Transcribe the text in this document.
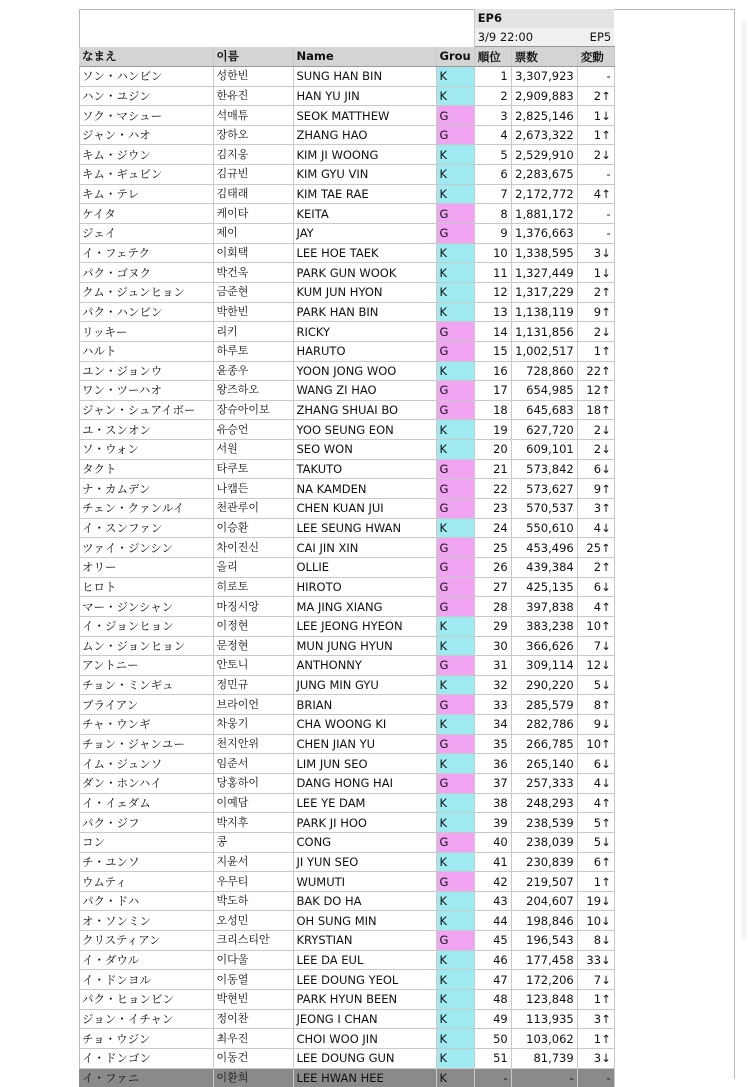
				EP6		
				3/9 22:00		EP5
なまえ	이름	Name	Grou	順位	票数	変動
ソン・ハンビン	성한빈	SUNG HAN BIN	K	1	3,307,923	-
ハン・ユジン	한유진	HAN YU JIN	K	2	2,909,883	2↑
ソク・マシュー	석매튜	SEOK MATTHEW	G	3	2,825,146	1↓
ジャン・ハオ	장하오	ZHANG HAO	G	4	2,673,322	1↑
キム・ジウン	김지웅	KIM JI WOONG	K	5	2,529,910	2↓
キム・ギュビン	김규빈	KIM GYU VIN	K	6	2,283,675	-
キム・テレ	김태래	KIM TAE RAE	K	7	2,172,772	4↑
ケイタ	케이타	KEITA	G	8	1,881,172	-
ジェイ	제이	JAY	G	9	1,376,663	-
イ・フェテク	이회택	LEE HOE TAEK	K	10	1,338,595	3↓
パク・ゴヌク	박건욱	PARK GUN WOOK	K	11	1,327,449	1↓
クム・ジュンヒョン	금준현	KUM JUN HYON	K	12	1,317,229	2↑
パク・ハンビン	박한빈	PARK HAN BIN	K	13	1,138,119	9↑
リッキー	리키	RICKY	G	14	1,131,856	2↓
ハルト	하루토	HARUTO	G	15	1,002,517	1↑
ユン・ジョンウ	윤종우	YOON JONG WOO	K	16	728,860	22↑
ワン・ツーハオ	왕즈하오	WANG ZI HAO	G	17	654,985	12↑
ジャン・シュアイボー	장슈아이보	ZHANG SHUAI BO	G	18	645,683	18↑
ユ・スンオン	유승언	YOO SEUNG EON	K	19	627,720	2↓
ソ・ウォン	서원	SEO WON	K	20	609,101	2↓
タクト	타쿠토	TAKUTO	G	21	573,842	6↓
ナ・カムデン	나캠든	NA KAMDEN	G	22	573,627	9↑
チェン・クァンルイ	천관루이	CHEN KUAN JUI	G	23	570,537	3↑
イ・スンファン	이승환	LEE SEUNG HWAN	K	24	550,610	4↓
ツァイ・ジンシン	차이진신	CAI JIN XIN	G	25	453,496	25↑
オリー	올리	OLLIE	G	26	439,384	2↑
ヒロト	히로토	HIROTO	G	27	425,135	6↓
マー・ジンシャン	마징시앙	MA JING XIANG	G	28	397,838	4↑
イ・ジョンヒョン	이정현	LEE JEONG HYEON	K	29	383,238	10↑
ムン・ジョンヒョン	문정현	MUN JUNG HYUN	K	30	366,626	7↓
アントニー	안토니	ANTHONNY	G	31	309,114	12↓
チョン・ミンギュ	정민규	JUNG MIN GYU	K	32	290,220	5↓
ブライアン	브라이언	BRIAN	G	33	285,579	8↑
チャ・ウンギ	차웅기	CHA WOONG KI	K	34	282,786	9↓
チョン・ジャンユー	천지안위	CHEN JIAN YU	G	35	266,785	10↑
イム・ジュンソ	임준서	LIM JUN SEO	K	36	265,140	6↓
ダン・ホンハイ	당홍하이	DANG HONG HAI	G	37	257,333	4↓
イ・イェダム	이예담	LEE YE DAM	K	38	248,293	4↑
パク・ジフ	박지후	PARK JI HOO	K	39	238,539	5↑
コン	콩	CONG	G	40	238,039	5↓
チ・ユンソ	지윤서	JI YUN SEO	K	41	230,839	6↑
ウムティ	우무티	WUMUTI	G	42	219,507	1↑
パク・ドハ	박도하	BAK DO HA	K	43	204,607	19↓
オ・ソンミン	오성민	OH SUNG MIN	K	44	198,846	10↓
クリスティアン	크리스티안	KRYSTIAN	G	45	196,543	8↓
イ・ダウル	이다울	LEE DA EUL	K	46	177,458	33↓
イ・ドンヨル	이동열	LEE DOUNG YEOL	K	47	172,206	7↓
パク・ヒョンビン	박현빈	PARK HYUN BEEN	K	48	123,848	1↑
ジョン・イチャン	정이찬	JEONG I CHAN	K	49	113,935	3↑
チョ・ウジン	최우진	CHOI WOO JIN	K	50	103,062	1↑
イ・ドンゴン	이동건	LEE DOUNG GUN	K	51	81,739	3↓
イ・ファニ	이환희	LEE HWAN HEE	K	-	-	-
